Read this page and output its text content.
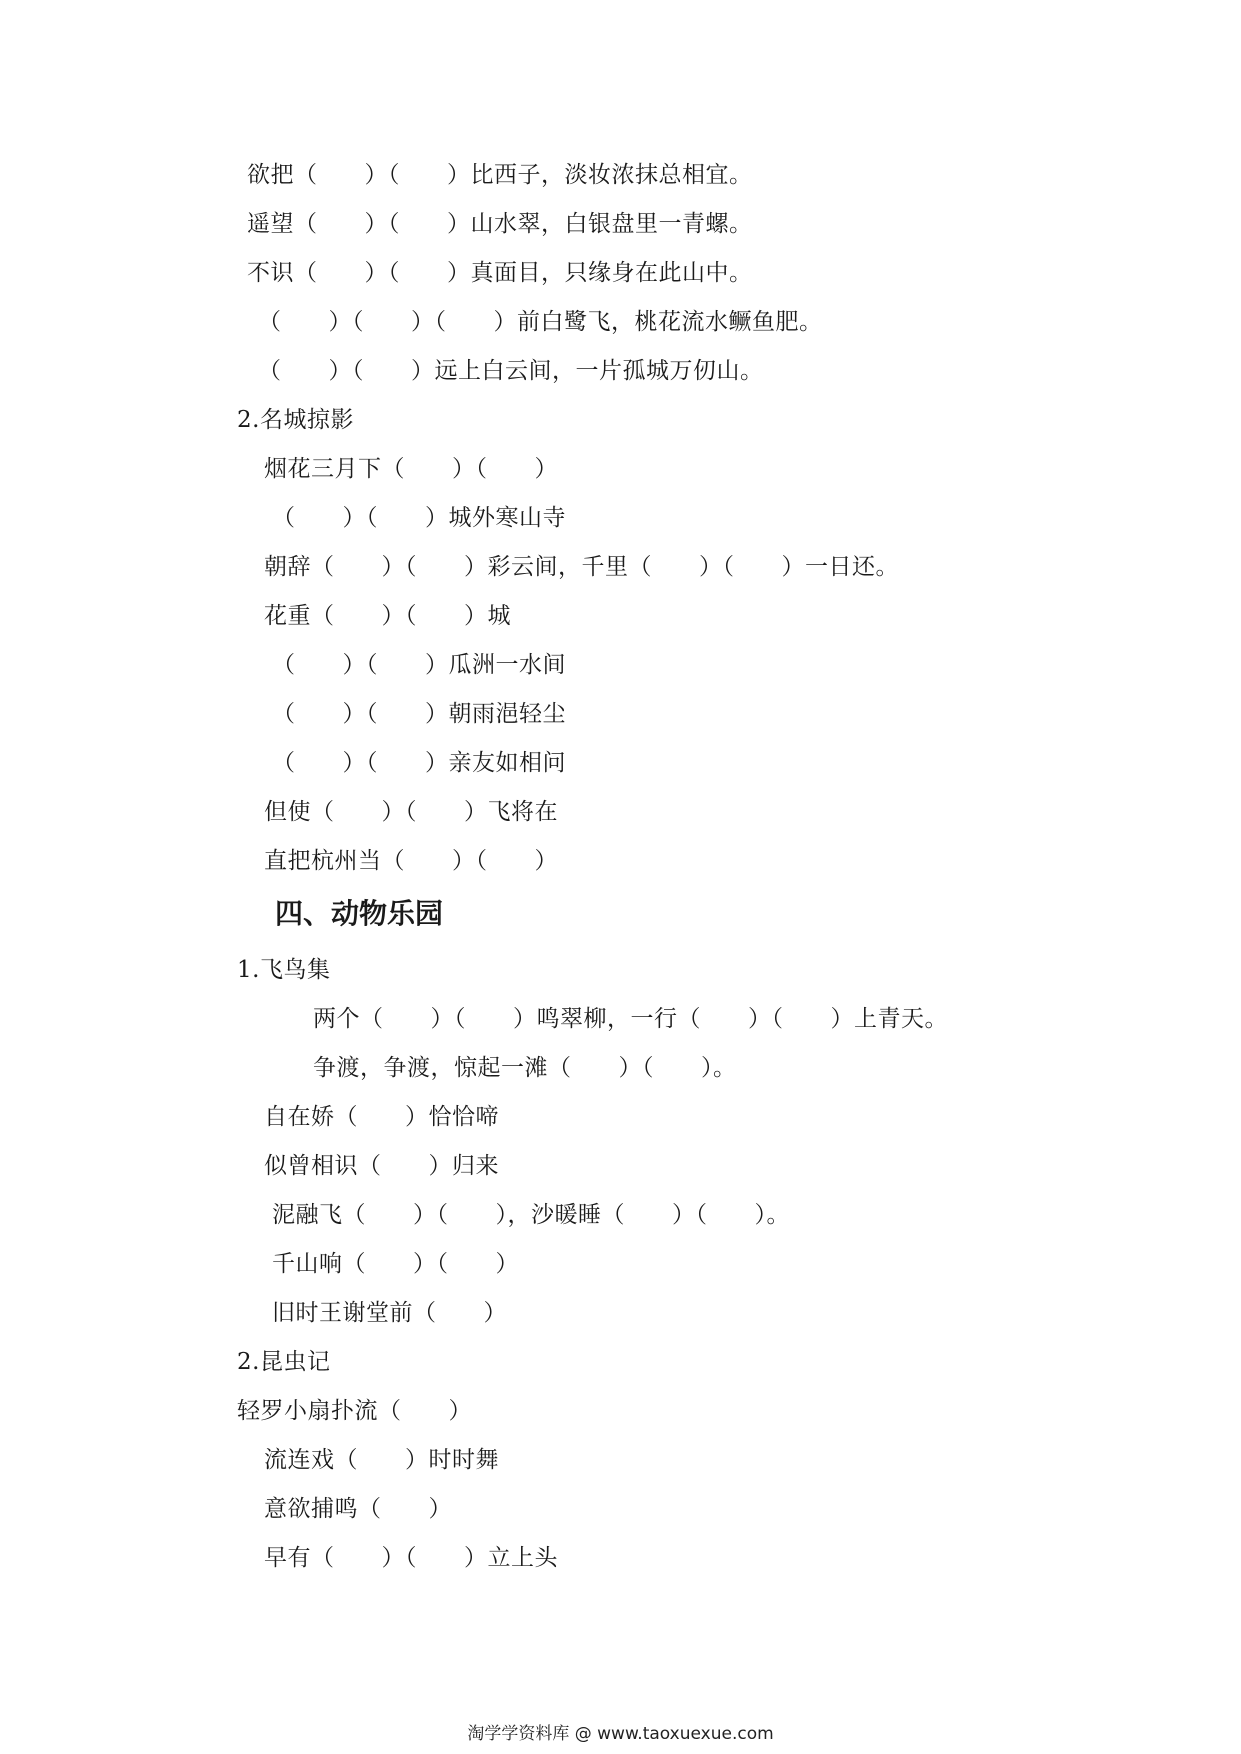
欲把（　　）（　　）比西子，淡妆浓抹总相宜。
遥望（　　）（　　）山水翠，白银盘里一青螺。
不识（　　）（　　）真面目，只缘身在此山中。
（　　）（　　）（　　）前白鹭飞，桃花流水鳜鱼肥。
（　　）（　　）远上白云间，一片孤城万仞山。
2.名城掠影
烟花三月下（　　）（　　）
（　　）（　　）城外寒山寺
朝辞（　　）（　　）彩云间，千里（　　）（　　）一日还。
花重（　　）（　　）城
（　　）（　　）瓜洲一水间
（　　）（　　）朝雨浥轻尘
（　　）（　　）亲友如相问
但使（　　）（　　）飞将在
直把杭州当（　　）（　　）
四、动物乐园
1.飞鸟集
两个（　　）（　　）鸣翠柳，一行（　　）（　　）上青天。
争渡，争渡，惊起一滩（　　）（　　）。
自在娇（　　）恰恰啼
似曾相识（　　）归来
泥融飞（　　）（　　），沙暖睡（　　）（　　）。
千山响（　　）（　　）
旧时王谢堂前（　　）
2.昆虫记
轻罗小扇扑流（　　）
流连戏（　　）时时舞
意欲捕鸣（　　）
早有（　　）（　　）立上头
淘学学资料库 @ www.taoxuexue.com
